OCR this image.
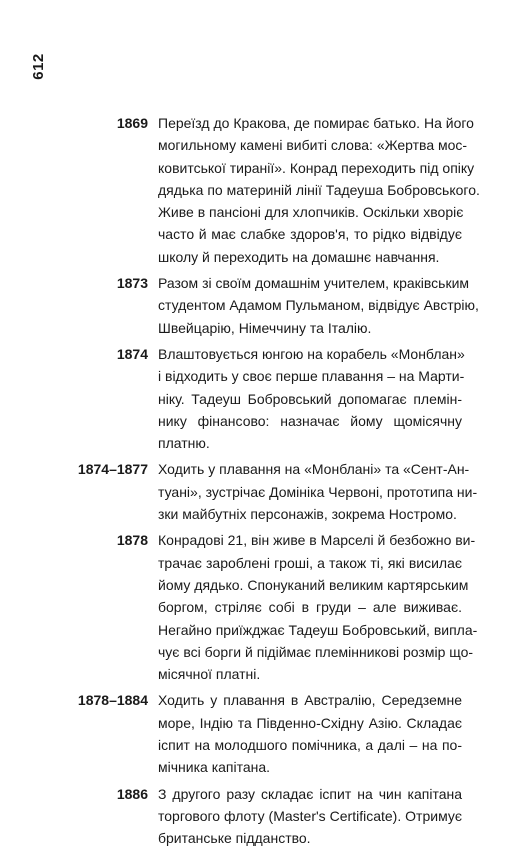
612
1869 Переїзд до Кракова, де помирає батько. На його
могильному камені вибиті слова: «Жертва мос-
ковитської тиранії». Конрад переходить під опіку
дядька по материній лінії Тадеуша Бобровського.
Живе в пансіоні для хлопчиків. Оскільки хворіє
часто й має слабке здоров'я, то рідко відвідує
школу й переходить на домашнє навчання.
1873 Разом зі своїм домашнім учителем, краківським
студентом Адамом Пульманом, відвідує Австрію,
Швейцарію, Німеччину та Італію.
1874 Влаштовується юнгою на корабель «Монблан»
і відходить у своє перше плавання – на Марти-
ніку. Тадеуш Бобровський допомагає племін-
нику фінансово: назначає йому щомісячну
платню.
1874–1877 Ходить у плавання на «Монблані» та «Сент-Ан-
туані», зустрічає Домініка Червоні, прототипа ни-
зки майбутніх персонажів, зокрема Ностромо.
1878 Конрадові 21, він живе в Марселі й безбожно ви-
трачає зароблені гроші, а також ті, які висилає
йому дядько. Спонуканий великим картярським
боргом, стріляє собі в груди – але виживає.
Негайно приїжджає Тадеуш Бобровський, випла-
чує всі борги й підіймає племінникові розмір що-
місячної платні.
1878–1884 Ходить у плавання в Австралію, Середземне
море, Індію та Південно-Східну Азію. Складає
іспит на молодшого помічника, а далі – на по-
мічника капітана.
1886 З другого разу складає іспит на чин капітана
торгового флоту (Master's Certificate). Отримує
британське підданство.
